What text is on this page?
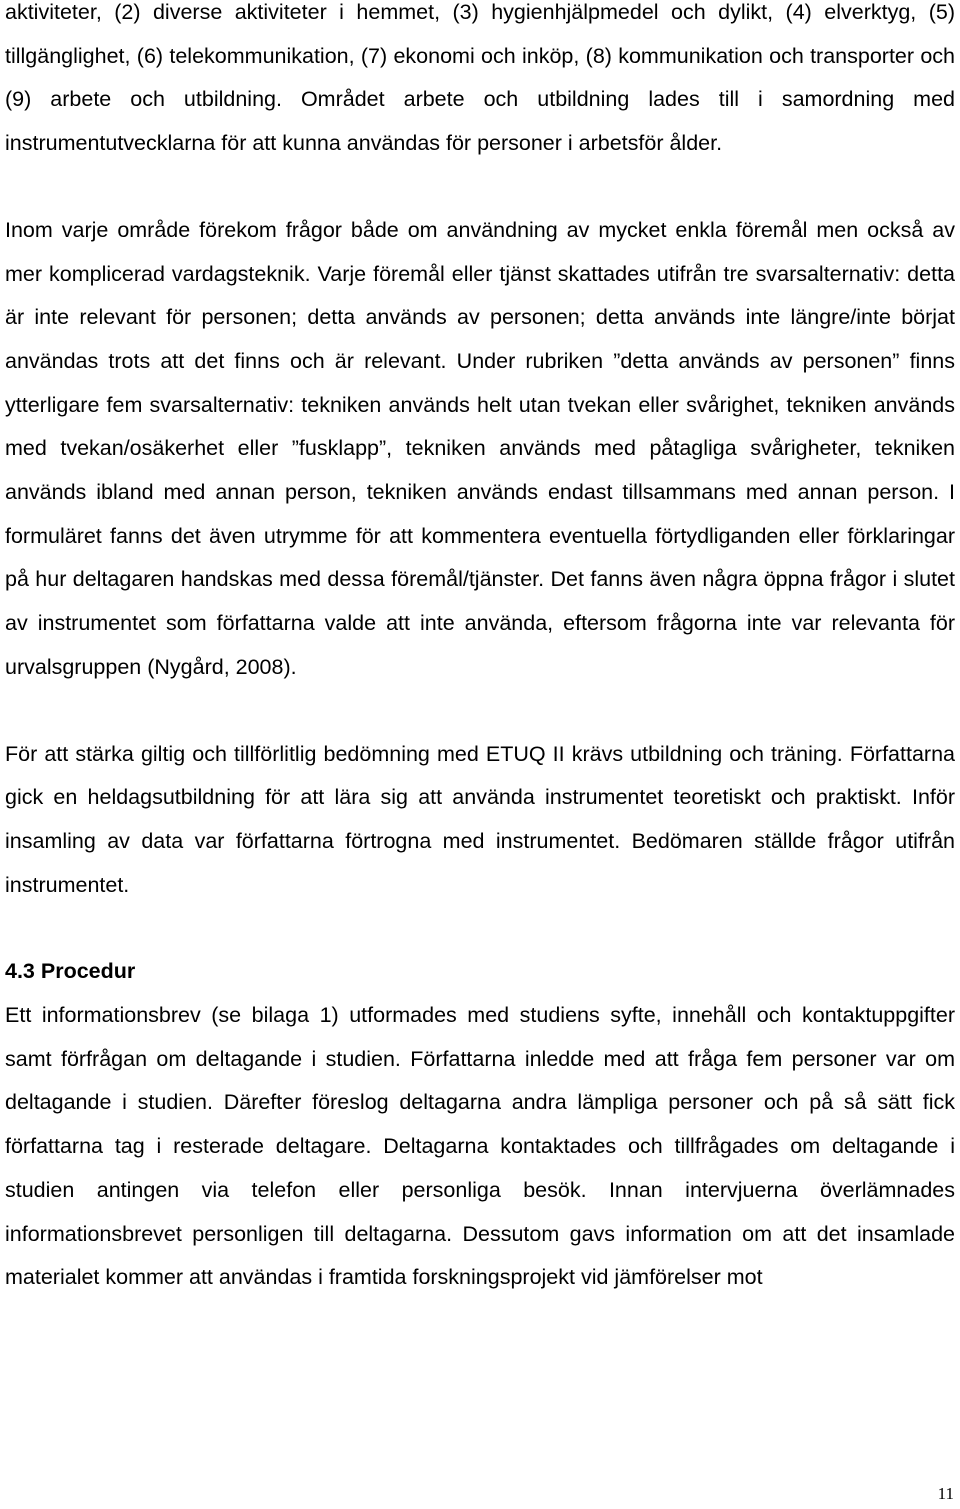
aktiviteter, (2) diverse aktiviteter i hemmet, (3) hygienhjälpmedel och dylikt, (4) elverktyg, (5) tillgänglighet, (6) telekommunikation, (7) ekonomi och inköp, (8) kommunikation och transporter och (9) arbete och utbildning. Området arbete och utbildning lades till i samordning med instrumentutvecklarna för att kunna användas för personer i arbetsför ålder.

Inom varje område förekom frågor både om användning av mycket enkla föremål men också av mer komplicerad vardagsteknik. Varje föremål eller tjänst skattades utifrån tre svarsalternativ: detta är inte relevant för personen; detta används av personen; detta används inte längre/inte börjat användas trots att det finns och är relevant. Under rubriken ”detta används av personen” finns ytterligare fem svarsalternativ: tekniken används helt utan tvekan eller svårighet, tekniken används med tvekan/osäkerhet eller ”fusklapp”, tekniken används med påtagliga svårigheter, tekniken används ibland med annan person, tekniken används endast tillsammans med annan person. I formuläret fanns det även utrymme för att kommentera eventuella förtydliganden eller förklaringar på hur deltagaren handskas med dessa föremål/tjänster. Det fanns även några öppna frågor i slutet av instrumentet som författarna valde att inte använda, eftersom frågorna inte var relevanta för urvalsgruppen (Nygård, 2008).

För att stärka giltig och tillförlitlig bedömning med ETUQ II krävs utbildning och träning. Författarna gick en heldagsutbildning för att lära sig att använda instrumentet teoretiskt och praktiskt. Inför insamling av data var författarna förtrogna med instrumentet. Bedömaren ställde frågor utifrån instrumentet.

4.3 Procedur

Ett informationsbrev (se bilaga 1) utformades med studiens syfte, innehåll och kontaktuppgifter samt förfrågan om deltagande i studien. Författarna inledde med att fråga fem personer var om deltagande i studien. Därefter föreslog deltagarna andra lämpliga personer och på så sätt fick författarna tag i resterade deltagare. Deltagarna kontaktades och tillfrågades om deltagande i studien antingen via telefon eller personliga besök. Innan intervjuerna överlämnades informationsbrevet personligen till deltagarna. Dessutom gavs information om att det insamlade materialet kommer att användas i framtida forskningsprojekt vid jämförelser mot

11
